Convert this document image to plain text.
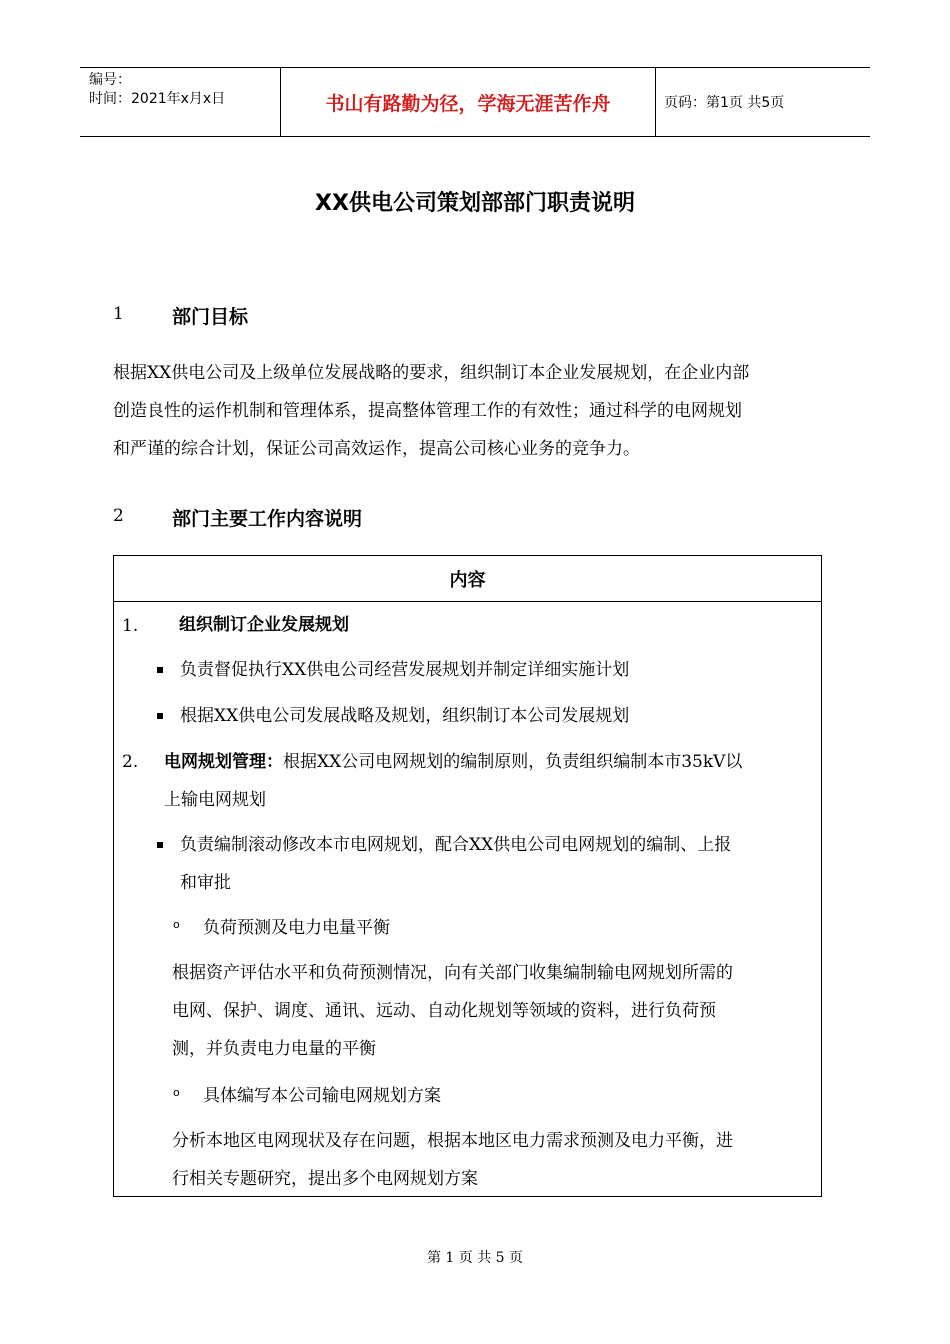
编号：
时间：2021年x月x日	书山有路勤为径，学海无涯苦作舟	页码：第1页 共5页
XX供电公司策划部部门职责说明
1	部门目标
根据XX供电公司及上级单位发展战略的要求，组织制订本企业发展规划，在企业内部
创造良性的运作机制和管理体系，提高整体管理工作的有效性；通过科学的电网规划
和严谨的综合计划，保证公司高效运作，提高公司核心业务的竞争力。
2	部门主要工作内容说明
内容
1. 组织制订企业发展规划
负责督促执行XX供电公司经营发展规划并制定详细实施计划
根据XX供电公司发展战略及规划，组织制订本公司发展规划
2. 电网规划管理：根据XX公司电网规划的编制原则，负责组织编制本市35kV以
上输电网规划
负责编制滚动修改本市电网规划，配合XX供电公司电网规划的编制、上报
和审批
o 负荷预测及电力电量平衡
根据资产评估水平和负荷预测情况，向有关部门收集编制输电网规划所需的
电网、保护、调度、通讯、远动、自动化规划等领域的资料，进行负荷预
测，并负责电力电量的平衡
o 具体编写本公司输电网规划方案
分析本地区电网现状及存在问题，根据本地区电力需求预测及电力平衡，进
行相关专题研究，提出多个电网规划方案
第 1 页 共 5 页
